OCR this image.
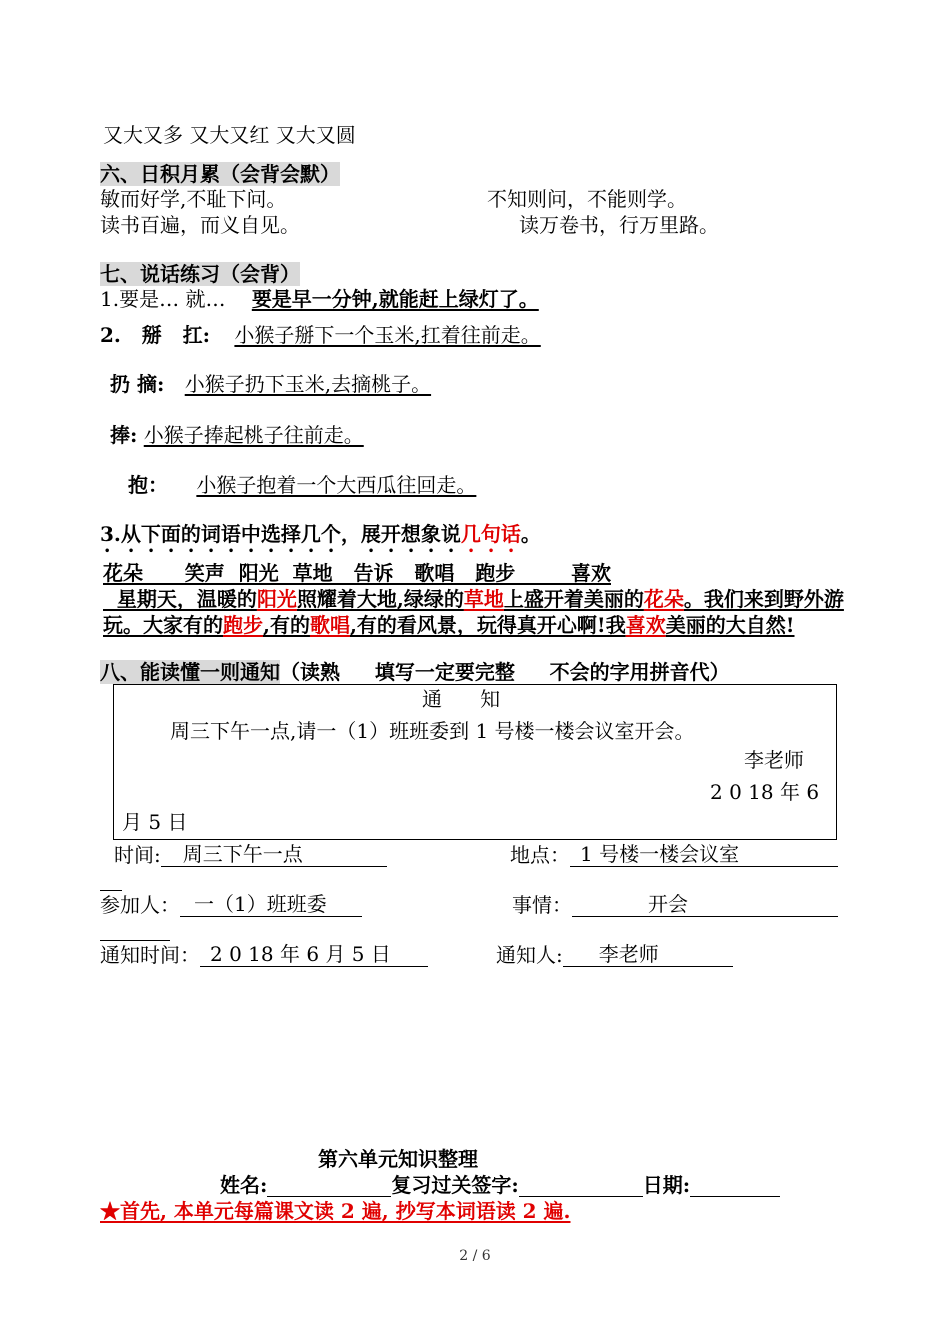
又大又多 又大又红 又大又圆
六、日积月累（会背会默）
敏而好学,不耻下问。	不知则问，不能则学。
读书百遍，而义自见。	读万卷书，行万里路。
七、说话练习（会背）
1.要是… 就… 要是早一分钟,就能赶上绿灯了。
2.   掰   扛: 小猴子掰下一个玉米,扛着往前走。
扔 摘: 小猴子扔下玉米,去摘桃子。
捧: 小猴子捧起桃子往前走。
抱： 小猴子抱着一个大西瓜往回走。
3.从下面的词语中选择几个，展开想象说几句话。
花朵      笑声  阳光  草地   告诉   歌唱   跑步        喜欢
星期天，温暖的阳光照耀着大地,绿绿的草地上盛开着美丽的花朵。我们来到野外游玩。大家有的跑步,有的歌唱,有的看风景，玩得真开心啊!我喜欢美丽的大自然!
八、能读懂一则通知（读熟     填写一定要完整     不会的字用拼音代）
通      知
周三下午一点,请一（1）班班委到 1 号楼一楼会议室开会。
李老师
2 0 18 年 6
月 5 日
时间: 周三下午一点	地点： 1 号楼一楼会议室
参加人： 一（1）班班委	事情：	开会
通知时间： 2 0 18 年 6 月 5 日	通知人: 李老师
第六单元知识整理
姓名:	复习过关签字:	日期:
★首先, 本单元每篇课文读 2 遍, 抄写本词语读 2 遍.
2 / 6
